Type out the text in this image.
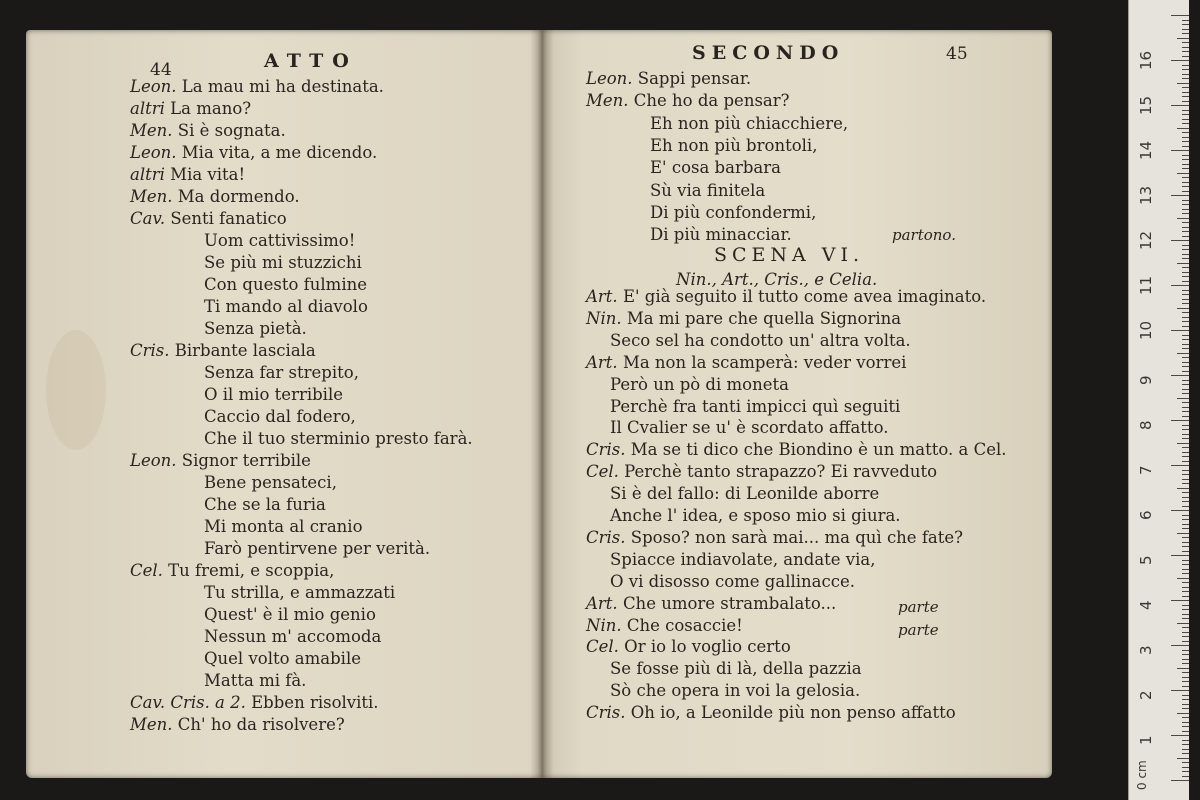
44	ATTO
Leon. La mau mi ha destinata.
altri La mano?
Men. Si è sognata.
Leon. Mia vita, a me dicendo.
altri Mia vita!
Men. Ma dormendo.
Cav. Senti fanatico
Uom cattivissimo!
Se più mi stuzzichi
Con questo fulmine
Ti mando al diavolo
Senza pietà.
Cris. Birbante lasciala
Senza far strepito,
O il mio terribile
Caccio dal fodero,
Che il tuo sterminio presto farà.
Leon. Signor terribile
Bene pensateci,
Che se la furia
Mi monta al cranio
Farò pentirvene per verità.
Cel. Tu fremi, e scoppia,
Tu strilla, e ammazzati
Quest' è il mio genio
Nessun m' accomoda
Quel volto amabile
Matta mi fà.
Cav. Cris. a 2. Ebben risolviti.
Men. Ch' ho da risolvere?
SECONDO	45
Leon. Sappi pensar.
Men. Che ho da pensar?
Eh non più chiacchiere,
Eh non più brontoli,
E' cosa barbara
Sù via finitela
Di più confondermi,
Di più minacciar.	partono.
SCENA VI.
Nin., Art., Cris., e Celia.
Art. E' già seguito il tutto come avea imaginato.
Nin. Ma mi pare che quella Signorina
Seco sel ha condotto un' altra volta.
Art. Ma non la scamperà: veder vorrei
Però un pò di moneta
Perchè fra tanti impicci quì seguiti
Il Cvalier se u' è scordato affatto.
Cris. Ma se ti dico che Biondino è un matto. a Cel.
Cel. Perchè tanto strapazzo? Ei ravveduto
Si è del fallo: di Leonilde aborre
Anche l' idea, e sposo mio si giura.
Cris. Sposo? non sarà mai... ma quì che fate?
Spiacce indiavolate, andate via,
O vi disosso come gallinacce.
Art. Che umore strambalato...
Nin. Che cosaccie!
Cel. Or io lo voglio certo
Se fosse più di là, della pazzia
Sò che opera in voi la gelosia.
Cris. Oh io, a Leonilde più non penso affatto
parte
parte
1
2
3
4
5
6
7
8
9
10
11
12
13
14
15
16
0 cm
